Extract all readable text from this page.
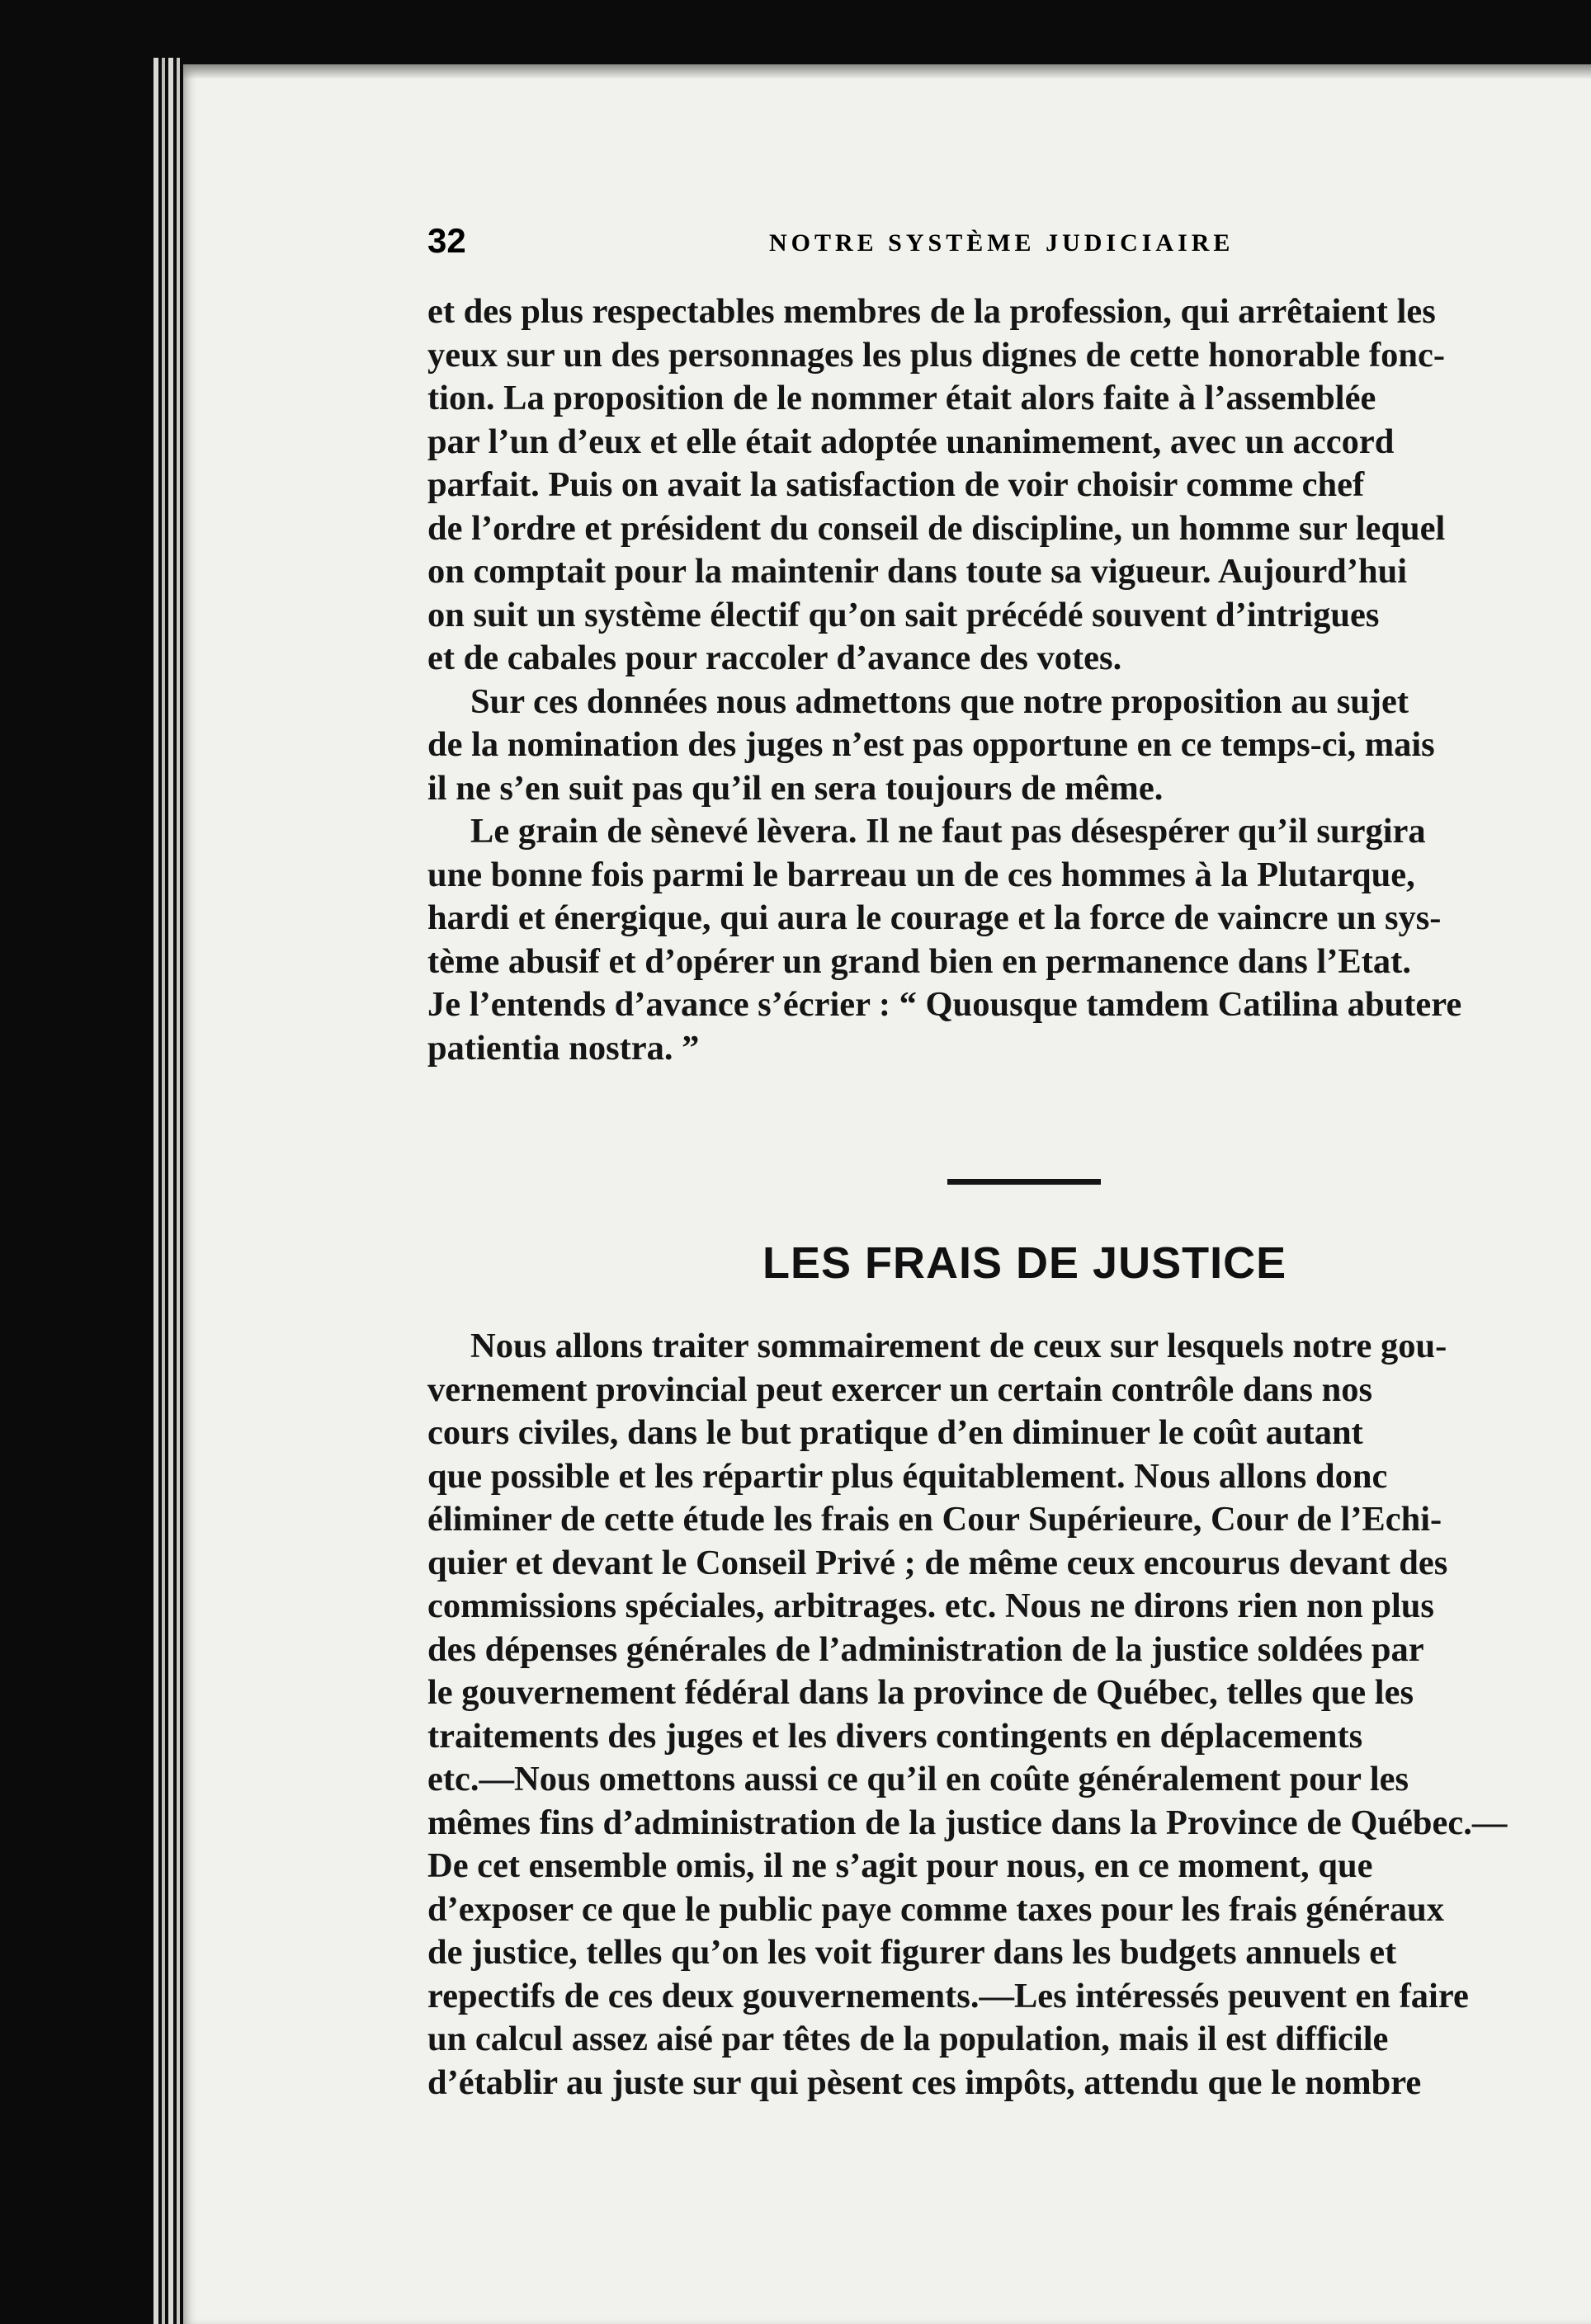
32	NOTRE SYSTÈME JUDICIAIRE
et des plus respectables membres de la profession, qui arrêtaient les
yeux sur un des personnages les plus dignes de cette honorable fonc-
tion. La proposition de le nommer était alors faite à l’assemblée
par l’un d’eux et elle était adoptée unanimement, avec un accord
parfait. Puis on avait la satisfaction de voir choisir comme chef
de l’ordre et président du conseil de discipline, un homme sur lequel
on comptait pour la maintenir dans toute sa vigueur. Aujourd’hui
on suit un système électif qu’on sait précédé souvent d’intrigues
et de cabales pour raccoler d’avance des votes.
Sur ces données nous admettons que notre proposition au sujet
de la nomination des juges n’est pas opportune en ce temps-ci, mais
il ne s’en suit pas qu’il en sera toujours de même.
Le grain de sènevé lèvera. Il ne faut pas désespérer qu’il surgira
une bonne fois parmi le barreau un de ces hommes à la Plutarque,
hardi et énergique, qui aura le courage et la force de vaincre un sys-
tème abusif et d’opérer un grand bien en permanence dans l’Etat.
Je l’entends d’avance s’écrier : “ Quousque tamdem Catilina abutere
patientia nostra. ”
LES FRAIS DE JUSTICE
Nous allons traiter sommairement de ceux sur lesquels notre gou-
vernement provincial peut exercer un certain contrôle dans nos
cours civiles, dans le but pratique d’en diminuer le coût autant
que possible et les répartir plus équitablement. Nous allons donc
éliminer de cette étude les frais en Cour Supérieure, Cour de l’Echi-
quier et devant le Conseil Privé ; de même ceux encourus devant des
commissions spéciales, arbitrages. etc. Nous ne dirons rien non plus
des dépenses générales de l’administration de la justice soldées par
le gouvernement fédéral dans la province de Québec, telles que les
traitements des juges et les divers contingents en déplacements
etc.—Nous omettons aussi ce qu’il en coûte généralement pour les
mêmes fins d’administration de la justice dans la Province de Québec.—
De cet ensemble omis, il ne s’agit pour nous, en ce moment, que
d’exposer ce que le public paye comme taxes pour les frais généraux
de justice, telles qu’on les voit figurer dans les budgets annuels et
repectifs de ces deux gouvernements.—Les intéressés peuvent en faire
un calcul assez aisé par têtes de la population, mais il est difficile
d’établir au juste sur qui pèsent ces impôts, attendu que le nombre
